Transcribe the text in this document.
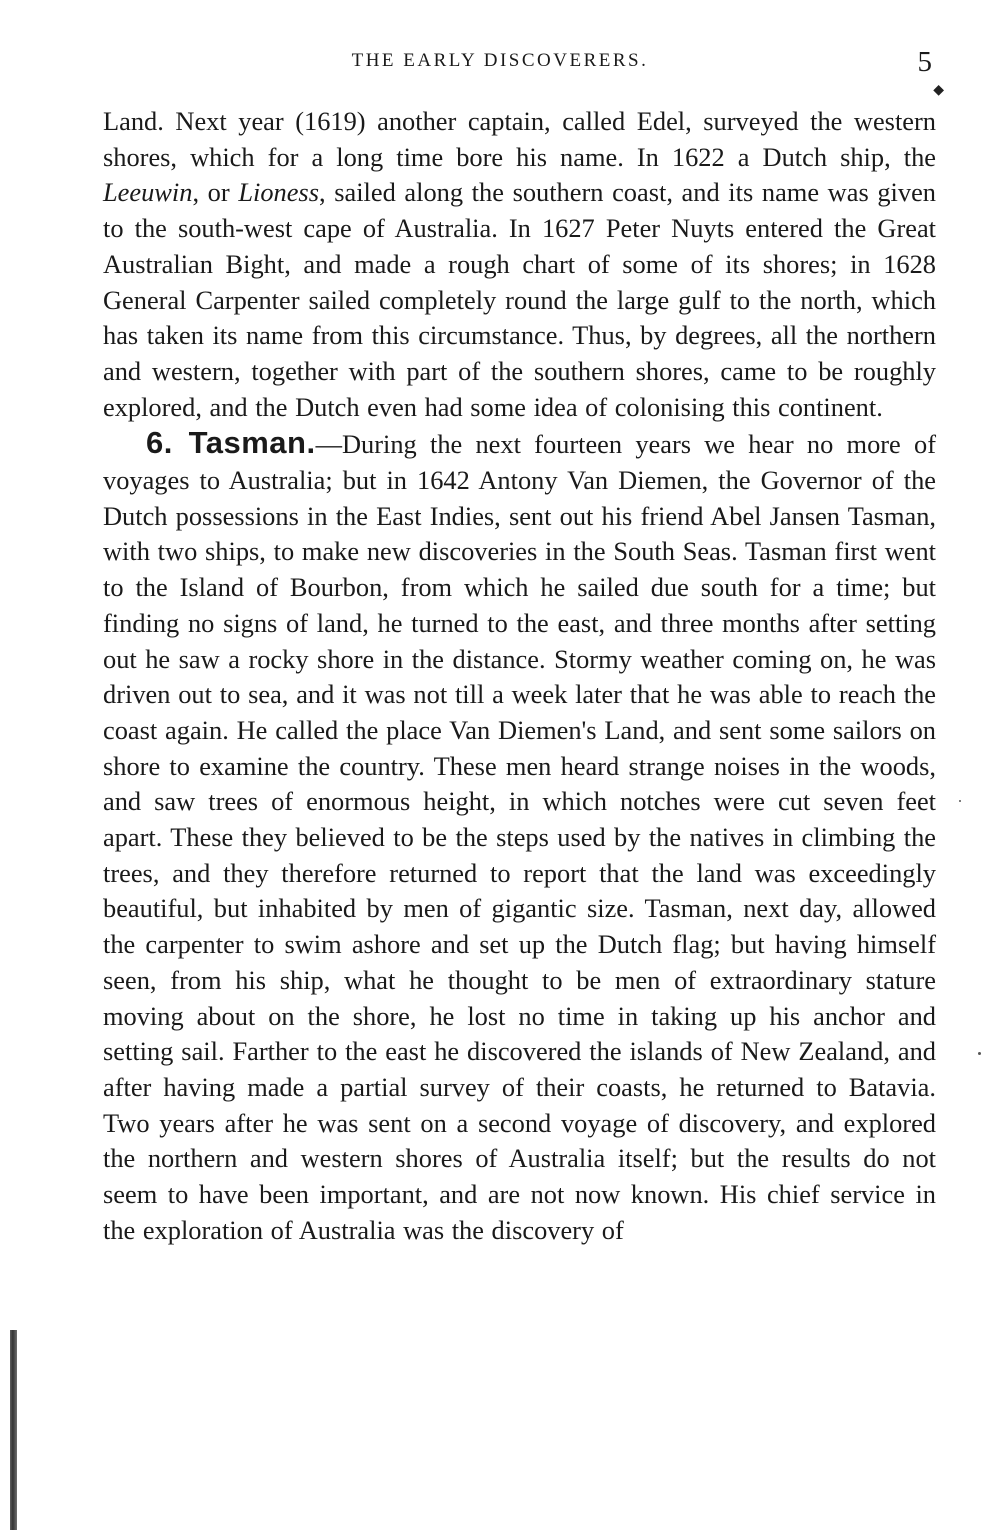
THE EARLY DISCOVERERS.	5
◆

Land. Next year (1619) another captain, called Edel, surveyed the western shores, which for a long time bore his name. In 1622 a Dutch ship, the Leeuwin, or Lioness, sailed along the southern coast, and its name was given to the south-west cape of Australia. In 1627 Peter Nuyts entered the Great Australian Bight, and made a rough chart of some of its shores; in 1628 General Carpenter sailed completely round the large gulf to the north, which has taken its name from this circumstance. Thus, by degrees, all the northern and western, together with part of the southern shores, came to be roughly explored, and the Dutch even had some idea of colonising this continent.

6. Tasman.—During the next fourteen years we hear no more of voyages to Australia; but in 1642 Antony Van Diemen, the Governor of the Dutch possessions in the East Indies, sent out his friend Abel Jansen Tasman, with two ships, to make new discoveries in the South Seas. Tasman first went to the Island of Bourbon, from which he sailed due south for a time; but finding no signs of land, he turned to the east, and three months after setting out he saw a rocky shore in the distance. Stormy weather coming on, he was driven out to sea, and it was not till a week later that he was able to reach the coast again. He called the place Van Diemen's Land, and sent some sailors on shore to examine the country. These men heard strange noises in the woods, and saw trees of enormous height, in which notches were cut seven feet apart. These they believed to be the steps used by the natives in climbing the trees, and they therefore returned to report that the land was exceedingly beautiful, but inhabited by men of gigantic size. Tasman, next day, allowed the carpenter to swim ashore and set up the Dutch flag; but having himself seen, from his ship, what he thought to be men of extraordinary stature moving about on the shore, he lost no time in taking up his anchor and setting sail. Farther to the east he discovered the islands of New Zealand, and after having made a partial survey of their coasts, he returned to Batavia. Two years after he was sent on a second voyage of discovery, and explored the northern and western shores of Australia itself; but the results do not seem to have been important, and are not now known. His chief service in the exploration of Australia was the discovery of
